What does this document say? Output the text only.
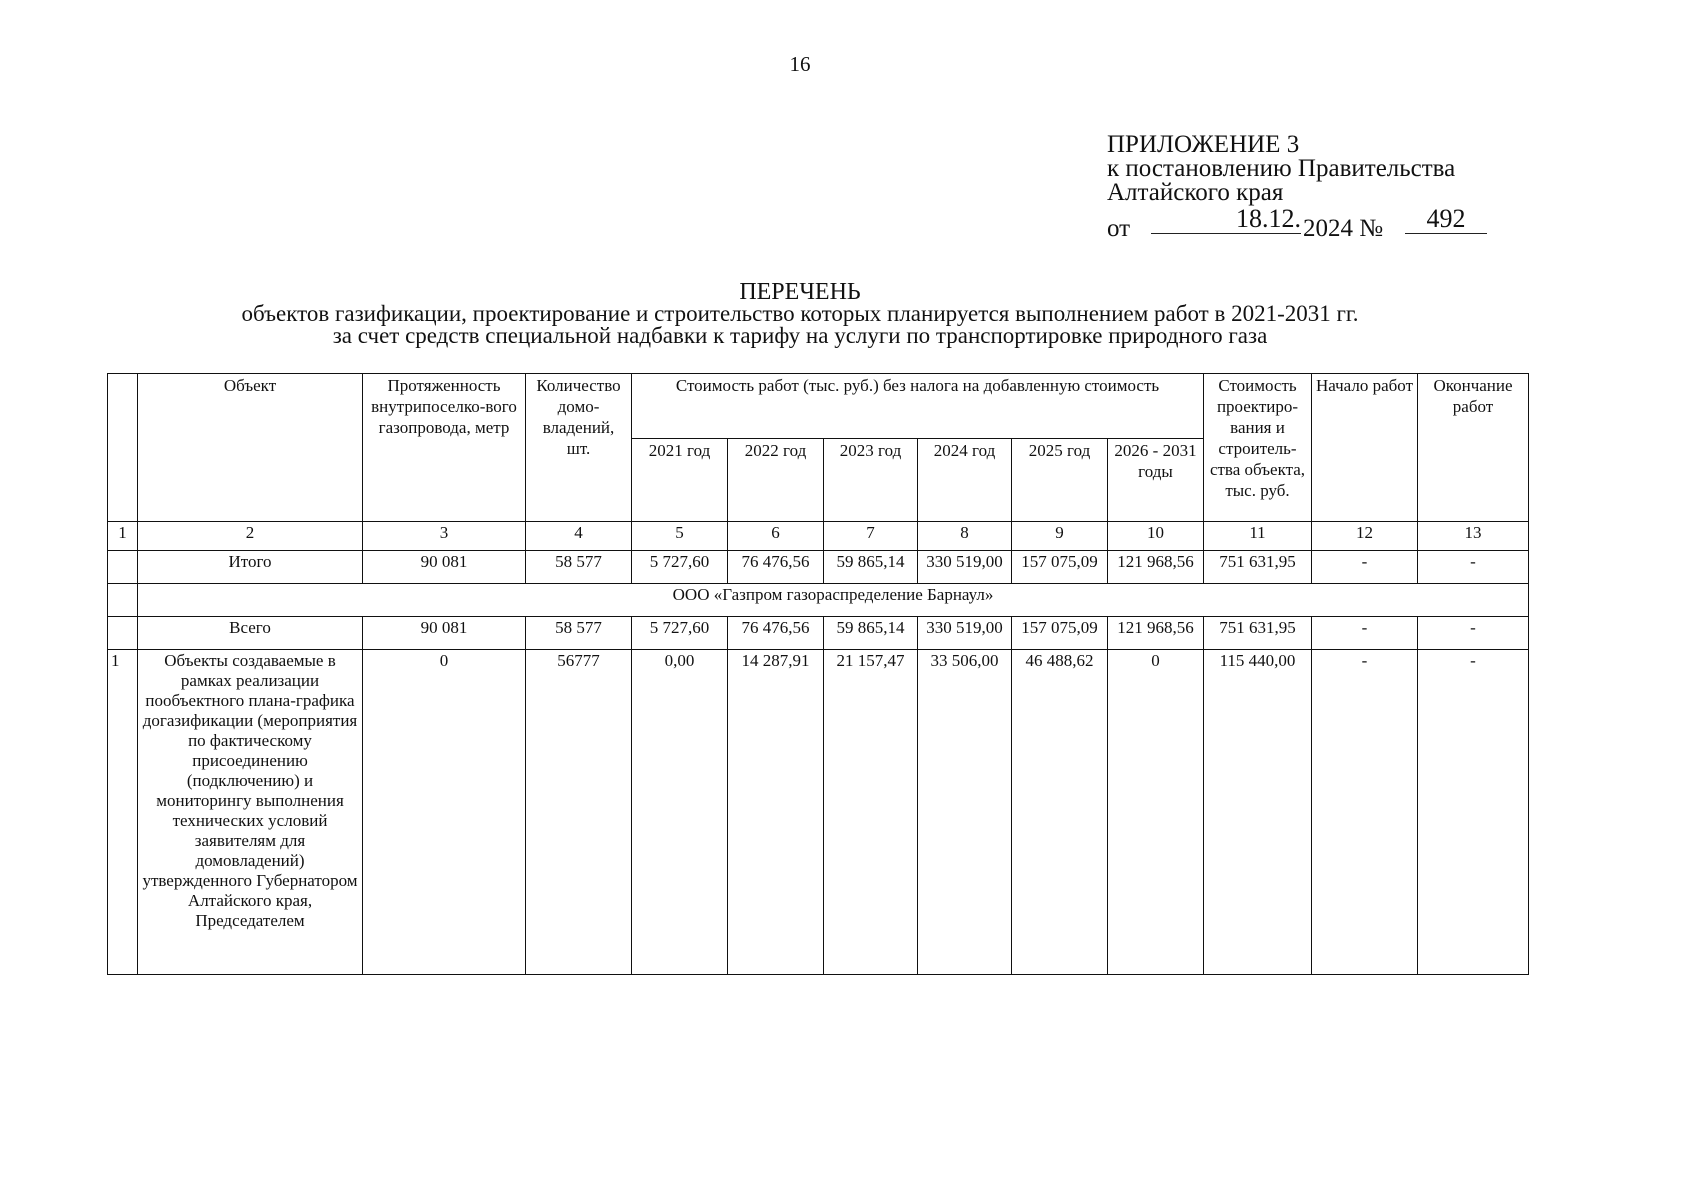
16
ПРИЛОЖЕНИЕ 3
к постановлению Правительства
Алтайского края
от	18.12. 2024 №	492
ПЕРЕЧЕНЬ
объектов газификации, проектирование и строительство которых планируется выполнением работ в 2021-2031 гг.
за счет средств специальной надбавки к тарифу на услуги по транспортировке природного газа
	Объект	Протяженность внутрипоселко-вого газопровода, метр	Количество домо-владений, шт.	Стоимость работ (тыс. руб.) без налога на добавленную стоимость						Стоимость проектиро-вания и строитель-ства объекта, тыс. руб.	Начало работ	Окончание работ
				2021 год	2022 год	2023 год	2024 год	2025 год	2026 - 2031 годы			
1	2	3	4	5	6	7	8	9	10	11	12	13
	Итого	90 081	58 577	5 727,60	76 476,56	59 865,14	330 519,00	157 075,09	121 968,56	751 631,95	-	-
	ООО «Газпром газораспределение Барнаул»											
	Всего	90 081	58 577	5 727,60	76 476,56	59 865,14	330 519,00	157 075,09	121 968,56	751 631,95	-	-
1	Объекты создаваемые в рамках реализации пообъектного плана-графика догазификации (мероприятия по фактическому присоединению (подключению) и мониторингу выполнения технических условий заявителям для домовладений) утвержденного Губернатором Алтайского края, Председателем	0	56777	0,00	14 287,91	21 157,47	33 506,00	46 488,62	0	115 440,00	-	-
